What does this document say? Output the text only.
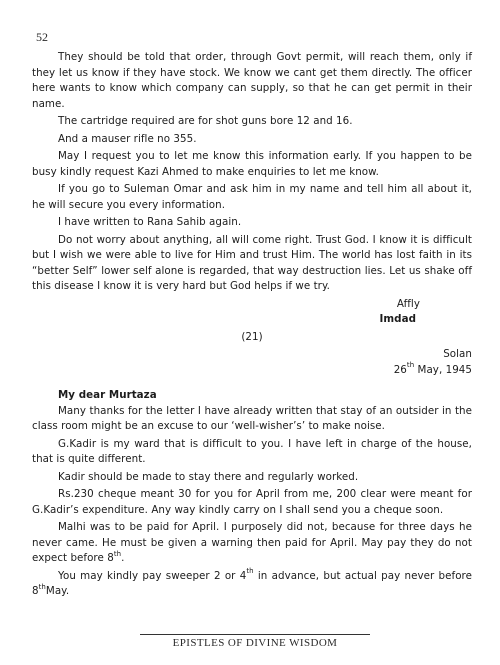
52

They should be told that order, through Govt permit, will reach them, only if they let us know if they have stock. We know we cant get them directly. The officer here wants to know which company can supply, so that he can get permit in their name.

The cartridge required are for shot guns bore 12 and 16.

And a mauser rifle no 355.

May I request you to let me know this information early. If you happen to be busy kindly request Kazi Ahmed to make enquiries to let me know.

If you go to Suleman Omar and ask him in my name and tell him all about it, he will secure you every information.

I have written to Rana Sahib again.

Do not worry about anything, all will come right. Trust God. I know it is difficult but I wish we were able to live for Him and trust Him. The world has lost faith in its “better Self” lower self alone is regarded, that way destruction lies. Let us shake off this disease I know it is very hard but God helps if we try.

Affly

Imdad

(21)

Solan

26th May, 1945

My dear Murtaza

Many thanks for the letter I have already written that stay of an outsider in the class room might be an excuse to our ‘well-wisher’s’ to make noise.

G.Kadir is my ward that is difficult to you. I have left in charge of the house, that is quite different.

Kadir should be made to stay there and regularly worked.

Rs.230 cheque meant 30 for you for April from me, 200 clear were meant for G.Kadir’s expenditure. Any way kindly carry on I shall send you a cheque soon.

Malhi was to be paid for April. I purposely did not, because for three days he never came. He must be given a warning then paid for April. May pay they do not expect before 8th.

You may kindly pay sweeper 2 or 4th in advance, but actual pay never before 8thMay.

EPISTLES OF DIVINE WISDOM
